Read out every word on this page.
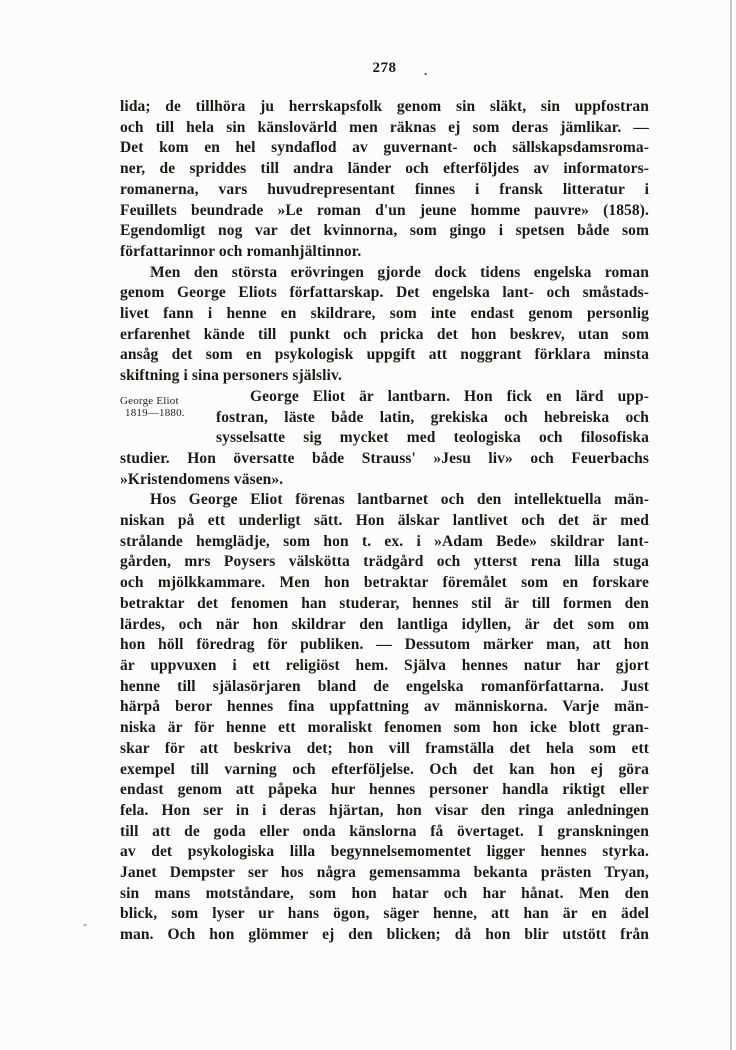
278 .
lida; de tillhöra ju herrskapsfolk genom sin släkt, sin uppfostran
och till hela sin känslovärld men räknas ej som deras jämlikar. —
Det kom en hel syndaflod av guvernant- och sällskapsdamsroma-
ner, de spriddes till andra länder och efterföljdes av informators-
romanerna, vars huvudrepresentant finnes i fransk litteratur i
Feuillets beundrade »Le roman d'un jeune homme pauvre» (1858).
Egendomligt nog var det kvinnorna, som gingo i spetsen både som
författarinnor och romanhjältinnor.
Men den största erövringen gjorde dock tidens engelska roman
genom George Eliots författarskap. Det engelska lant- och småstads-
livet fann i henne en skildrare, som inte endast genom personlig
erfarenhet kände till punkt och pricka det hon beskrev, utan som
ansåg det som en psykologisk uppgift att noggrant förklara minsta
skiftning i sina personers själsliv.
George Eliot
1819—1880.
George Eliot är lantbarn. Hon fick en lärd upp-
fostran, läste både latin, grekiska och hebreiska och
sysselsatte sig mycket med teologiska och filosofiska
studier. Hon översatte både Strauss' »Jesu liv» och Feuerbachs
»Kristendomens väsen».
Hos George Eliot förenas lantbarnet och den intellektuella män-
niskan på ett underligt sätt. Hon älskar lantlivet och det är med
strålande hemglädje, som hon t. ex. i »Adam Bede» skildrar lant-
gården, mrs Poysers välskötta trädgård och ytterst rena lilla stuga
och mjölkkammare. Men hon betraktar föremålet som en forskare
betraktar det fenomen han studerar, hennes stil är till formen den
lärdes, och när hon skildrar den lantliga idyllen, är det som om
hon höll föredrag för publiken. — Dessutom märker man, att hon
är uppvuxen i ett religiöst hem. Själva hennes natur har gjort
henne till själasörjaren bland de engelska romanförfattarna. Just
härpå beror hennes fina uppfattning av människorna. Varje män-
niska är för henne ett moraliskt fenomen som hon icke blott gran-
skar för att beskriva det; hon vill framställa det hela som ett
exempel till varning och efterföljelse. Och det kan hon ej göra
endast genom att påpeka hur hennes personer handla riktigt eller
fela. Hon ser in i deras hjärtan, hon visar den ringa anledningen
till att de goda eller onda känslorna få övertaget. I granskningen
av det psykologiska lilla begynnelsemomentet ligger hennes styrka.
Janet Dempster ser hos några gemensamma bekanta prästen Tryan,
sin mans motståndare, som hon hatar och har hånat. Men den
blick, som lyser ur hans ögon, säger henne, att han är en ädel
man. Och hon glömmer ej den blicken; då hon blir utstött från
